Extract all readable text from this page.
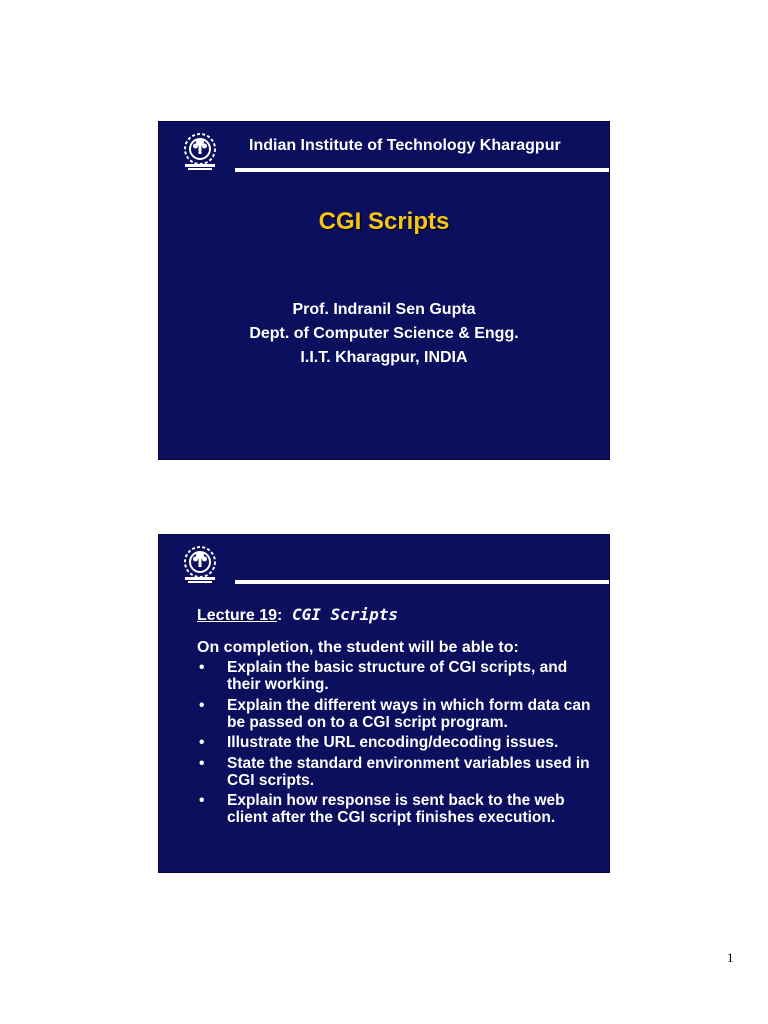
Indian Institute of Technology Kharagpur
CGI Scripts
Prof. Indranil Sen Gupta
Dept. of Computer Science & Engg.
I.I.T. Kharagpur, INDIA
Lecture 19: CGI Scripts
On completion, the student will be able to:
• Explain the basic structure of CGI scripts, and their working.
• Explain the different ways in which form data can be passed on to a CGI script program.
• Illustrate the URL encoding/decoding issues.
• State the standard environment variables used in CGI scripts.
• Explain how response is sent back to the web client after the CGI script finishes execution.
1
